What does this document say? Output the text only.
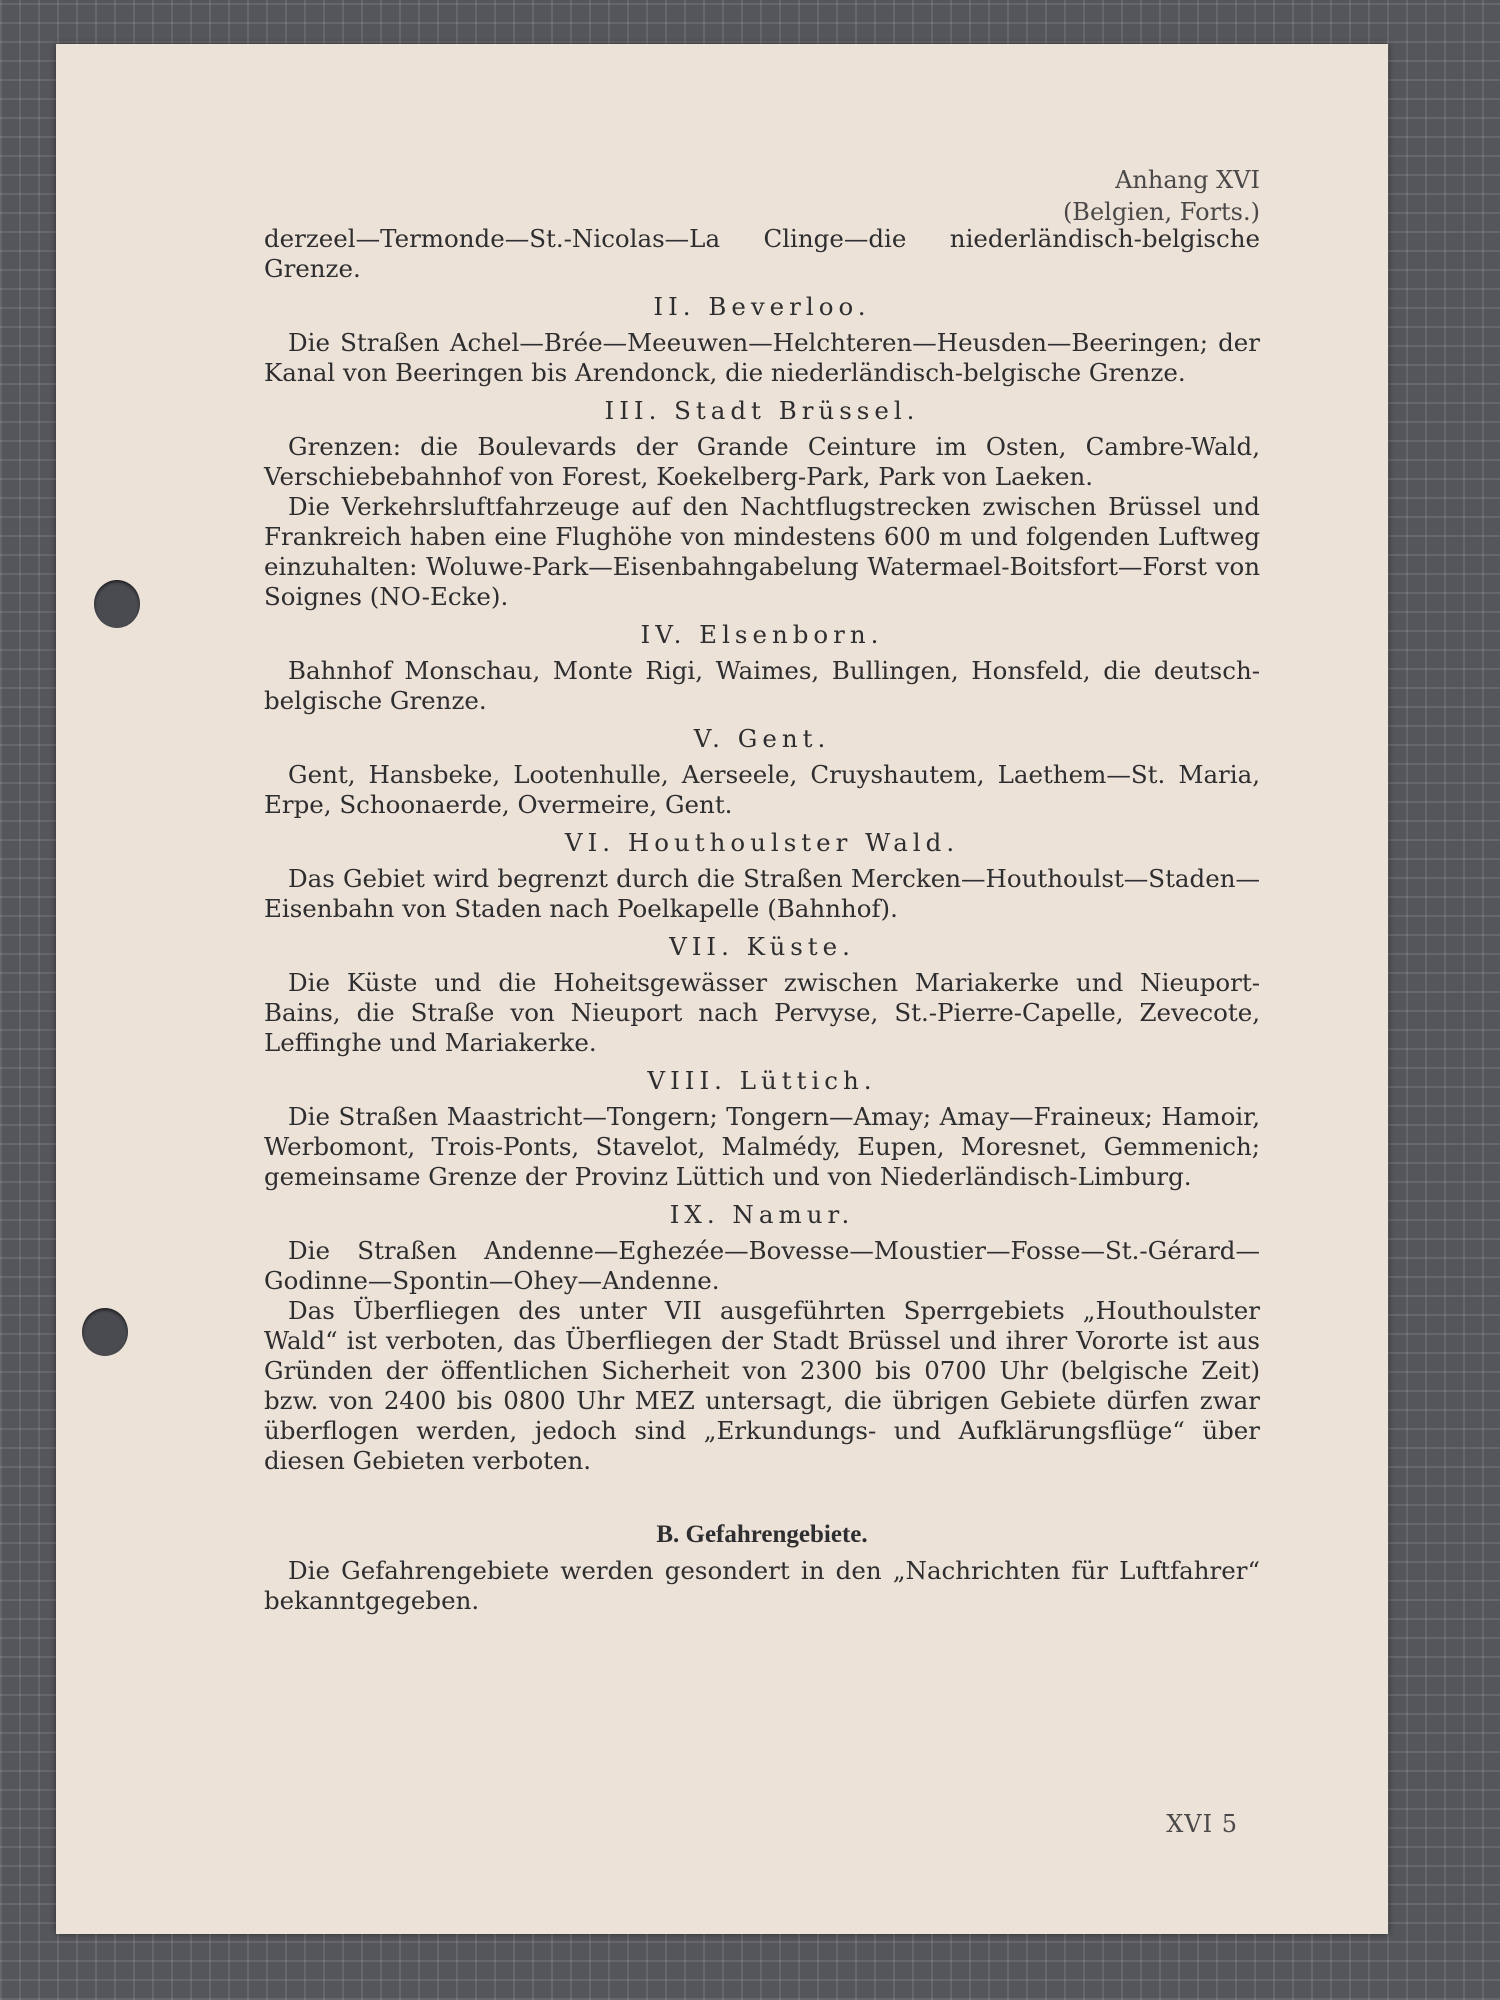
Anhang XVI
(Belgien, Forts.)

derzeel—Termonde—St.-Nicolas—La Clinge—die niederländisch-belgische Grenze.

II. Beverloo.

Die Straßen Achel—Brée—Meeuwen—Helchteren—Heusden—Beeringen; der Kanal von Beeringen bis Arendonck, die niederländisch-belgische Grenze.

III. Stadt Brüssel.

Grenzen: die Boulevards der Grande Ceinture im Osten, Cambre-Wald, Verschiebebahnhof von Forest, Koekelberg-Park, Park von Laeken.

Die Verkehrsluftfahrzeuge auf den Nachtflugstrecken zwischen Brüssel und Frankreich haben eine Flughöhe von mindestens 600 m und folgenden Luftweg einzuhalten: Woluwe-Park—Eisenbahngabelung Watermael-Boitsfort—Forst von Soignes (NO-Ecke).

IV. Elsenborn.

Bahnhof Monschau, Monte Rigi, Waimes, Bullingen, Honsfeld, die deutsch-belgische Grenze.

V. Gent.

Gent, Hansbeke, Lootenhulle, Aerseele, Cruyshautem, Laethem—St. Maria, Erpe, Schoonaerde, Overmeire, Gent.

VI. Houthoulster Wald.

Das Gebiet wird begrenzt durch die Straßen Mercken—Houthoulst—Staden—Eisenbahn von Staden nach Poelkapelle (Bahnhof).

VII. Küste.

Die Küste und die Hoheitsgewässer zwischen Mariakerke und Nieuport-Bains, die Straße von Nieuport nach Pervyse, St.-Pierre-Capelle, Zevecote, Leffinghe und Mariakerke.

VIII. Lüttich.

Die Straßen Maastricht—Tongern; Tongern—Amay; Amay—Fraineux; Hamoir, Werbomont, Trois-Ponts, Stavelot, Malmédy, Eupen, Moresnet, Gemmenich; gemeinsame Grenze der Provinz Lüttich und von Niederländisch-Limburg.

IX. Namur.

Die Straßen Andenne—Eghezée—Bovesse—Moustier—Fosse—St.-Gérard—Godinne—Spontin—Ohey—Andenne.

Das Überfliegen des unter VII ausgeführten Sperrgebiets „Houthoulster Wald“ ist verboten, das Überfliegen der Stadt Brüssel und ihrer Vororte ist aus Gründen der öffentlichen Sicherheit von 2300 bis 0700 Uhr (belgische Zeit) bzw. von 2400 bis 0800 Uhr MEZ untersagt, die übrigen Gebiete dürfen zwar überflogen werden, jedoch sind „Erkundungs- und Aufklärungsflüge“ über diesen Gebieten verboten.

B. Gefahrengebiete.

Die Gefahrengebiete werden gesondert in den „Nachrichten für Luftfahrer“ bekanntgegeben.

XVI 5
